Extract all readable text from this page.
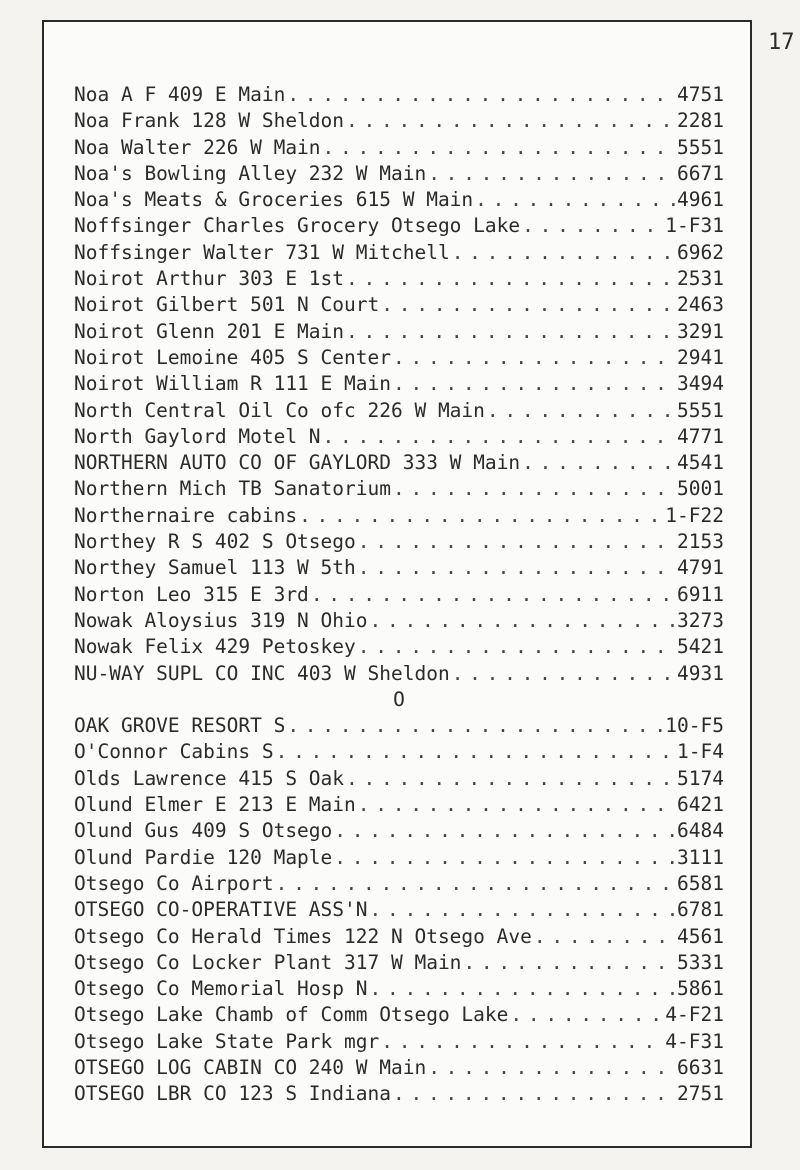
17
Noa A F 409 E Main . . .	4751
Noa Frank 128 W Sheldon . . .	2281
Noa Walter 226 W Main . . .	5551
Noa's Bowling Alley 232 W Main . . .	6671
Noa's Meats & Groceries 615 W Main . . .	4961
Noffsinger Charles Grocery Otsego Lake . . .	1-F31
Noffsinger Walter 731 W Mitchell . . .	6962
Noirot Arthur 303 E 1st . . .	2531
Noirot Gilbert 501 N Court . . .	2463
Noirot Glenn 201 E Main . . .	3291
Noirot Lemoine 405 S Center . . .	2941
Noirot William R 111 E Main . . .	3494
North Central Oil Co ofc 226 W Main . . .	5551
North Gaylord Motel N . . .	4771
NORTHERN AUTO CO OF GAYLORD 333 W Main . . .	4541
Northern Mich TB Sanatorium . . .	5001
Northernaire cabins . . .	1-F22
Northey R S 402 S Otsego . . .	2153
Northey Samuel 113 W 5th . . .	4791
Norton Leo 315 E 3rd . . .	6911
Nowak Aloysius 319 N Ohio . . .	3273
Nowak Felix 429 Petoskey . . .	5421
NU-WAY SUPL CO INC 403 W Sheldon . . .	4931
O
OAK GROVE RESORT S . . .	10-F5
O'Connor Cabins S . . .	1-F4
Olds Lawrence 415 S Oak . . .	5174
Olund Elmer E 213 E Main . . .	6421
Olund Gus 409 S Otsego . . .	6484
Olund Pardie 120 Maple . . .	3111
Otsego Co Airport . . .	6581
OTSEGO CO-OPERATIVE ASS'N . . .	6781
Otsego Co Herald Times 122 N Otsego Ave . . .	4561
Otsego Co Locker Plant 317 W Main . . .	5331
Otsego Co Memorial Hosp N . . .	5861
Otsego Lake Chamb of Comm Otsego Lake . . .	4-F21
Otsego Lake State Park mgr . . .	4-F31
OTSEGO LOG CABIN CO 240 W Main . . .	6631
OTSEGO LBR CO 123 S Indiana . . .	2751
